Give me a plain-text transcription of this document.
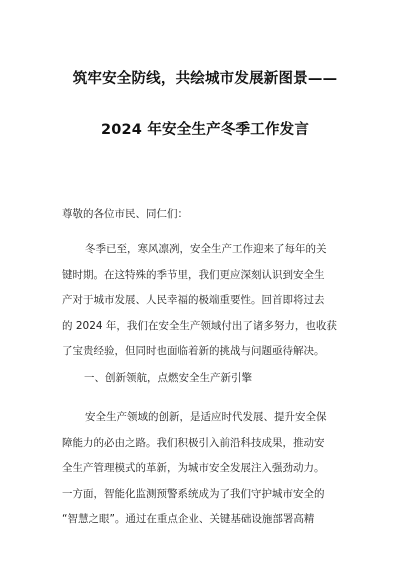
筑牢安全防线，共绘城市发展新图景——
2024 年安全生产冬季工作发言
尊敬的各位市民、同仁们：
冬季已至，寒风凛冽，安全生产工作迎来了每年的关
键时期。在这特殊的季节里，我们更应深刻认识到安全生
产对于城市发展、人民幸福的极端重要性。回首即将过去
的 2024 年，我们在安全生产领域付出了诸多努力，也收获
了宝贵经验，但同时也面临着新的挑战与问题亟待解决。
一、创新领航，点燃安全生产新引擎
安全生产领域的创新，是适应时代发展、提升安全保
障能力的必由之路。我们积极引入前沿科技成果，推动安
全生产管理模式的革新，为城市安全发展注入强劲动力。
一方面，智能化监测预警系统成为了我们守护城市安全的
“智慧之眼”。通过在重点企业、关键基础设施部署高精
